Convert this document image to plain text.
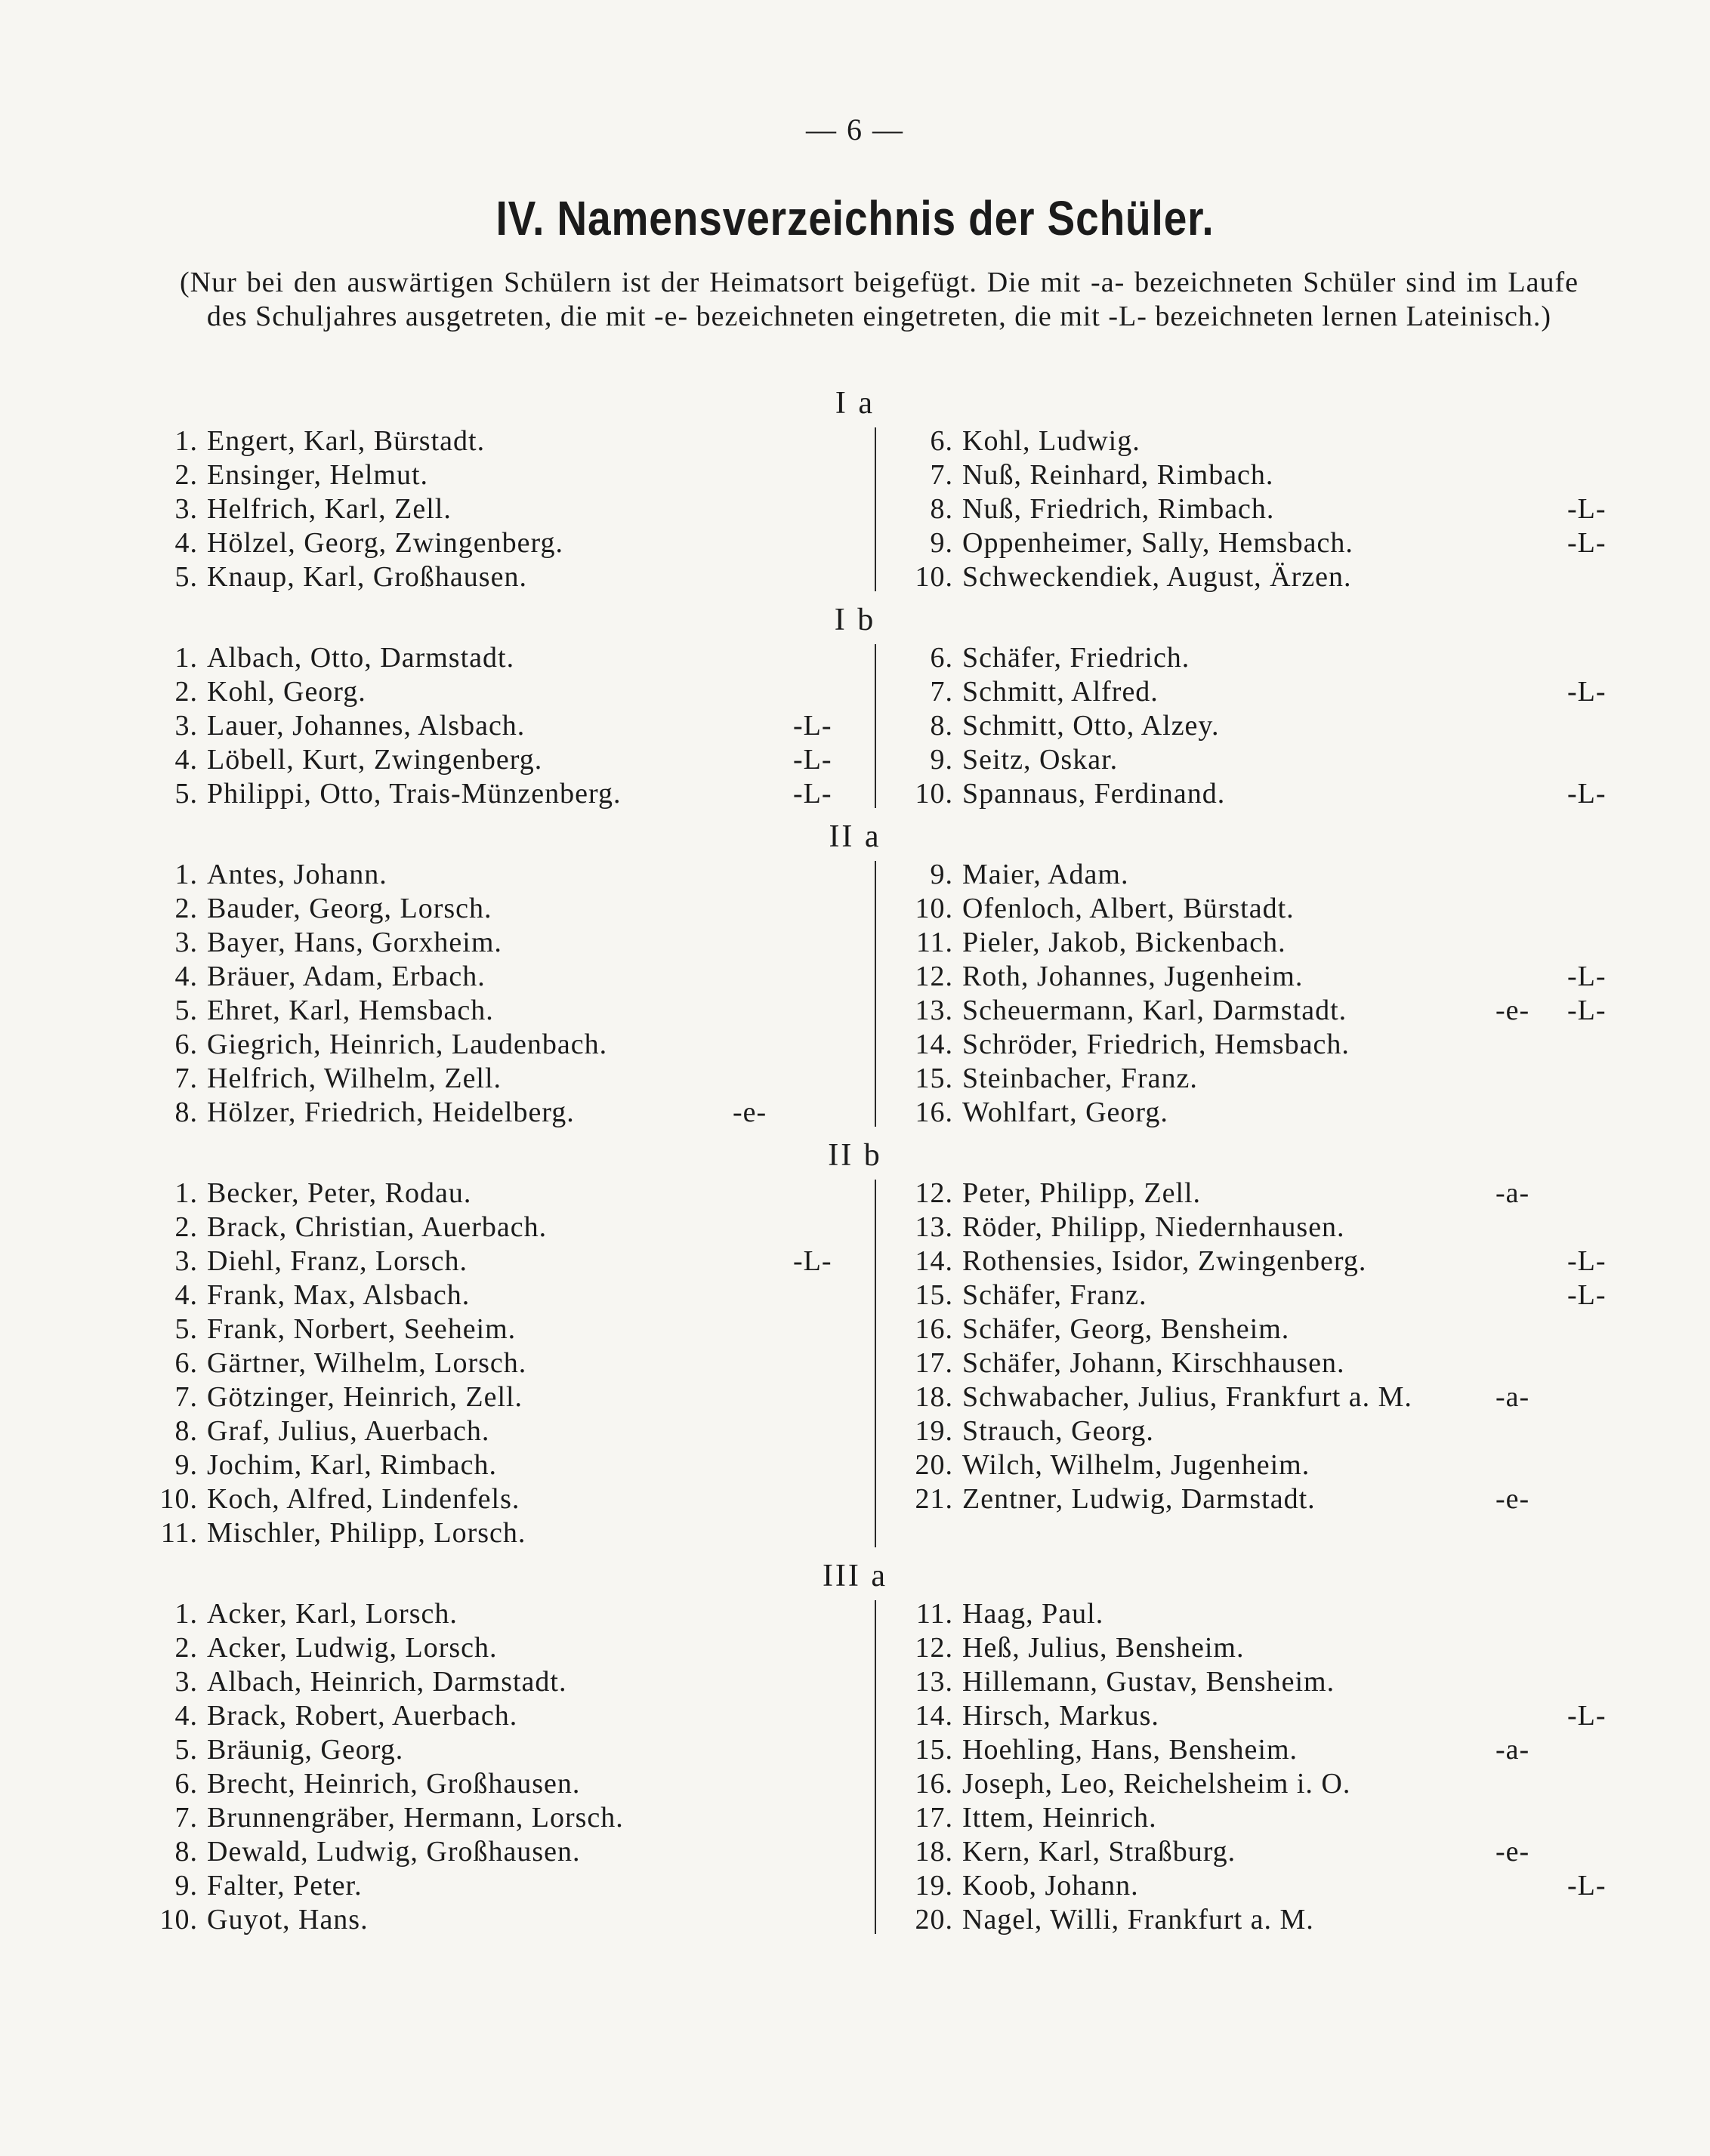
— 6 —
IV. Namensverzeichnis der Schüler.
(Nur bei den auswärtigen Schülern ist der Heimatsort beigefügt. Die mit -a- bezeichneten Schüler sind im Laufe des Schuljahres ausgetreten, die mit -e- bezeichneten eingetreten, die mit -L- bezeichneten lernen Lateinisch.)
I a
1. Engert, Karl, Bürstadt.
2. Ensinger, Helmut.
3. Helfrich, Karl, Zell.
4. Hölzel, Georg, Zwingenberg.
5. Knaup, Karl, Großhausen.
6. Kohl, Ludwig.
7. Nuß, Reinhard, Rimbach.
8. Nuß, Friedrich, Rimbach.	-L-
9. Oppenheimer, Sally, Hemsbach.	-L-
10. Schweckendiek, August, Ärzen.
I b
1. Albach, Otto, Darmstadt.
2. Kohl, Georg.
3. Lauer, Johannes, Alsbach.	-L-
4. Löbell, Kurt, Zwingenberg.	-L-
5. Philippi, Otto, Trais-Münzenberg.	-L-
6. Schäfer, Friedrich.
7. Schmitt, Alfred.	-L-
8. Schmitt, Otto, Alzey.
9. Seitz, Oskar.
10. Spannaus, Ferdinand.	-L-
II a
1. Antes, Johann.
2. Bauder, Georg, Lorsch.
3. Bayer, Hans, Gorxheim.
4. Bräuer, Adam, Erbach.
5. Ehret, Karl, Hemsbach.
6. Giegrich, Heinrich, Laudenbach.
7. Helfrich, Wilhelm, Zell.
8. Hölzer, Friedrich, Heidelberg.	-e-
9. Maier, Adam.
10. Ofenloch, Albert, Bürstadt.
11. Pieler, Jakob, Bickenbach.
12. Roth, Johannes, Jugenheim.	-L-
13. Scheuermann, Karl, Darmstadt.	-e- -L-
14. Schröder, Friedrich, Hemsbach.
15. Steinbacher, Franz.
16. Wohlfart, Georg.
II b
1. Becker, Peter, Rodau.
2. Brack, Christian, Auerbach.
3. Diehl, Franz, Lorsch.	-L-
4. Frank, Max, Alsbach.
5. Frank, Norbert, Seeheim.
6. Gärtner, Wilhelm, Lorsch.
7. Götzinger, Heinrich, Zell.
8. Graf, Julius, Auerbach.
9. Jochim, Karl, Rimbach.
10. Koch, Alfred, Lindenfels.
11. Mischler, Philipp, Lorsch.
12. Peter, Philipp, Zell.	-a-
13. Röder, Philipp, Niedernhausen.
14. Rothensies, Isidor, Zwingenberg.	-L-
15. Schäfer, Franz.	-L-
16. Schäfer, Georg, Bensheim.
17. Schäfer, Johann, Kirschhausen.
18. Schwabacher, Julius, Frankfurt a. M.	-a-
19. Strauch, Georg.
20. Wilch, Wilhelm, Jugenheim.
21. Zentner, Ludwig, Darmstadt.	-e-
III a
1. Acker, Karl, Lorsch.
2. Acker, Ludwig, Lorsch.
3. Albach, Heinrich, Darmstadt.
4. Brack, Robert, Auerbach.
5. Bräunig, Georg.
6. Brecht, Heinrich, Großhausen.
7. Brunnengräber, Hermann, Lorsch.
8. Dewald, Ludwig, Großhausen.
9. Falter, Peter.
10. Guyot, Hans.
11. Haag, Paul.
12. Heß, Julius, Bensheim.
13. Hillemann, Gustav, Bensheim.
14. Hirsch, Markus.	-L-
15. Hoehling, Hans, Bensheim.	-a-
16. Joseph, Leo, Reichelsheim i. O.
17. Ittem, Heinrich.
18. Kern, Karl, Straßburg.	-e-
19. Koob, Johann.	-L-
20. Nagel, Willi, Frankfurt a. M.
